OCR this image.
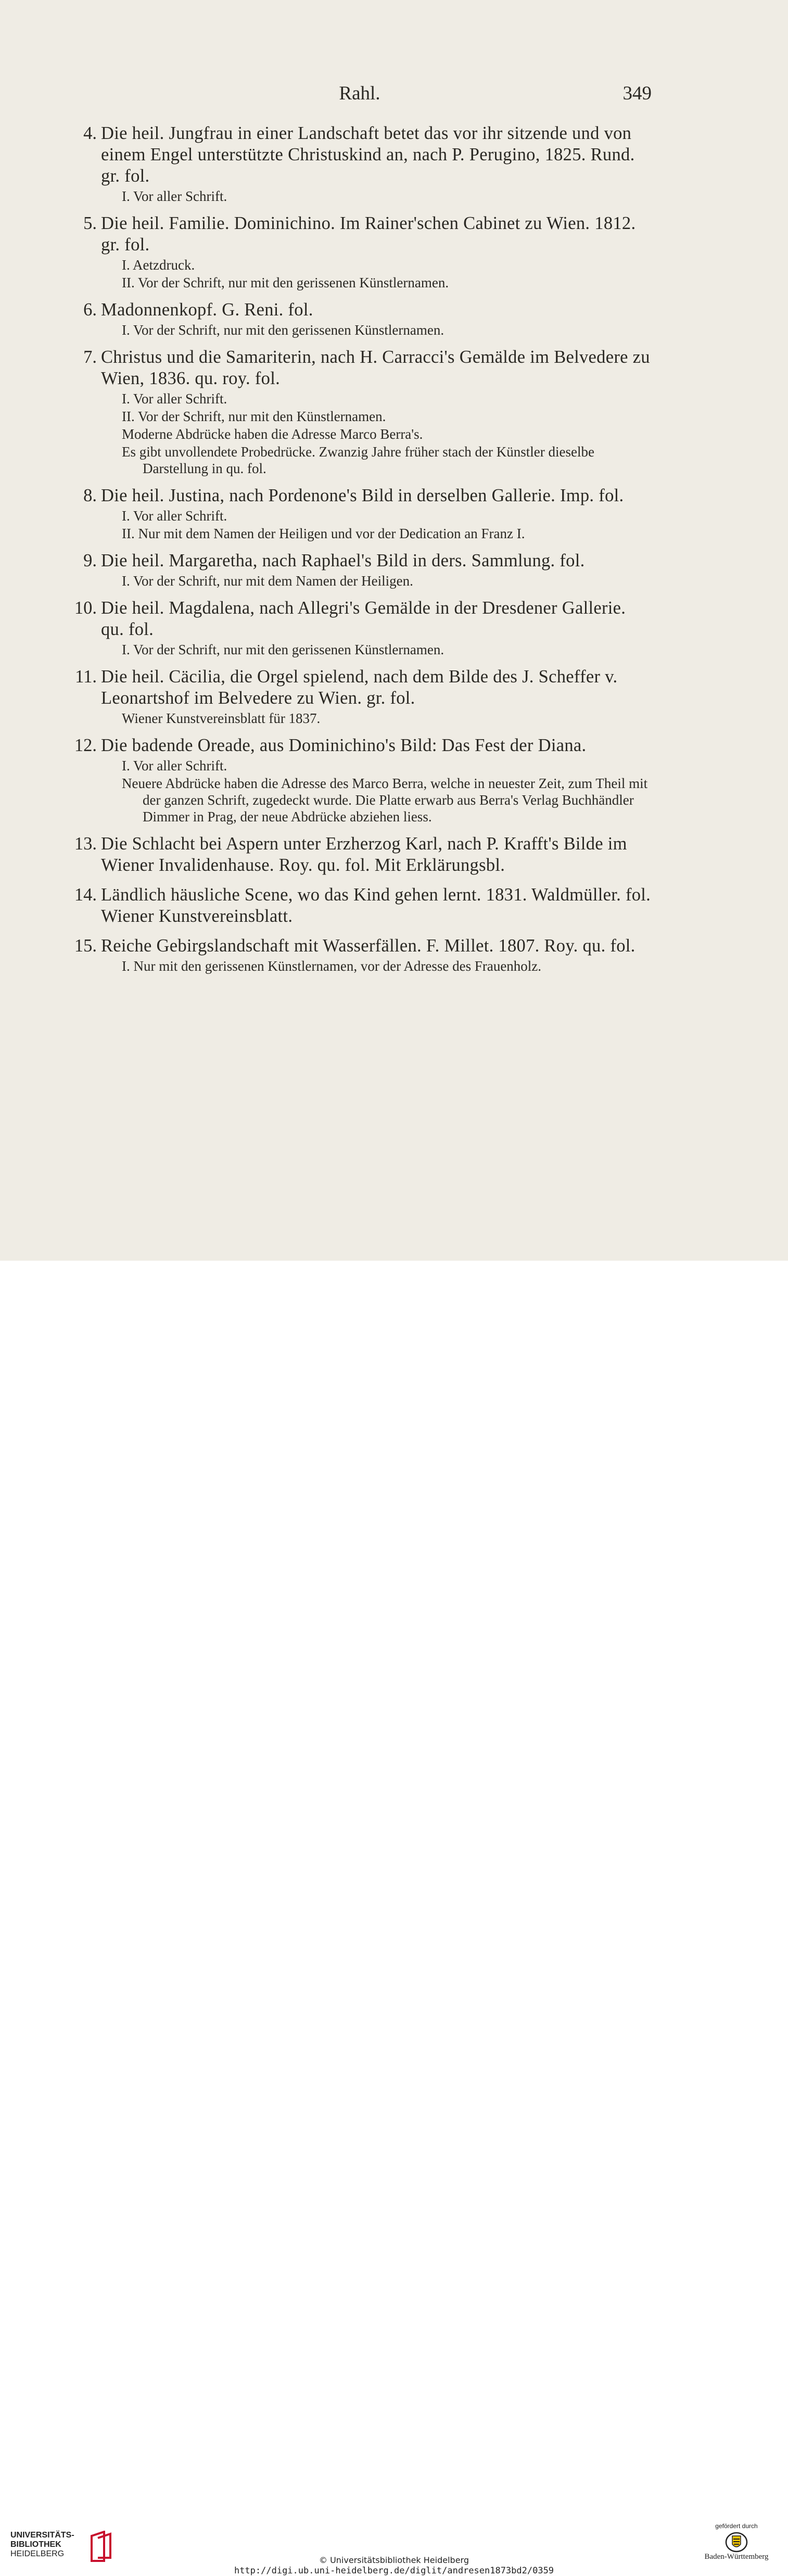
Rahl.	349
4. Die heil. Jungfrau in einer Landschaft betet das vor ihr sitzende und von einem Engel unterstützte Christuskind an, nach P. Perugino, 1825. Rund. gr. fol.

I. Vor aller Schrift.

5. Die heil. Familie. Dominichino. Im Rainer'schen Cabinet zu Wien. 1812. gr. fol.

I. Aetzdruck.

II. Vor der Schrift, nur mit den gerissenen Künstlernamen.

6. Madonnenkopf. G. Reni. fol.

I. Vor der Schrift, nur mit den gerissenen Künstlernamen.

7. Christus und die Samariterin, nach H. Carracci's Gemälde im Belvedere zu Wien, 1836. qu. roy. fol.

I. Vor aller Schrift.

II. Vor der Schrift, nur mit den Künstlernamen.

Moderne Abdrücke haben die Adresse Marco Berra's.

Es gibt unvollendete Probedrücke. Zwanzig Jahre früher stach der Künstler dieselbe Darstellung in qu. fol.

8. Die heil. Justina, nach Pordenone's Bild in derselben Gallerie. Imp. fol.

I. Vor aller Schrift.

II. Nur mit dem Namen der Heiligen und vor der Dedication an Franz I.

9. Die heil. Margaretha, nach Raphael's Bild in ders. Sammlung. fol.

I. Vor der Schrift, nur mit dem Namen der Heiligen.

10. Die heil. Magdalena, nach Allegri's Gemälde in der Dresdener Gallerie. qu. fol.

I. Vor der Schrift, nur mit den gerissenen Künstlernamen.

11. Die heil. Cäcilia, die Orgel spielend, nach dem Bilde des J. Scheffer v. Leonartshof im Belvedere zu Wien. gr. fol.

Wiener Kunstvereinsblatt für 1837.

12. Die badende Oreade, aus Dominichino's Bild: Das Fest der Diana.

I. Vor aller Schrift.

Neuere Abdrücke haben die Adresse des Marco Berra, welche in neuester Zeit, zum Theil mit der ganzen Schrift, zugedeckt wurde. Die Platte erwarb aus Berra's Verlag Buchhändler Dimmer in Prag, der neue Abdrücke abziehen liess.

13. Die Schlacht bei Aspern unter Erzherzog Karl, nach P. Krafft's Bilde im Wiener Invalidenhause. Roy. qu. fol. Mit Erklärungsbl.

14. Ländlich häusliche Scene, wo das Kind gehen lernt. 1831. Waldmüller. fol. Wiener Kunstvereinsblatt.

15. Reiche Gebirgslandschaft mit Wasserfällen. F. Millet. 1807. Roy. qu. fol.

I. Nur mit den gerissenen Künstlernamen, vor der Adresse des Frauenholz.

UNIVERSITÄTS-
BIBLIOTHEK
HEIDELBERG
© Universitätsbibliothek Heidelberg
http://digi.ub.uni-heidelberg.de/diglit/andresen1873bd2/0359
gefördert durch
Baden-Württemberg
